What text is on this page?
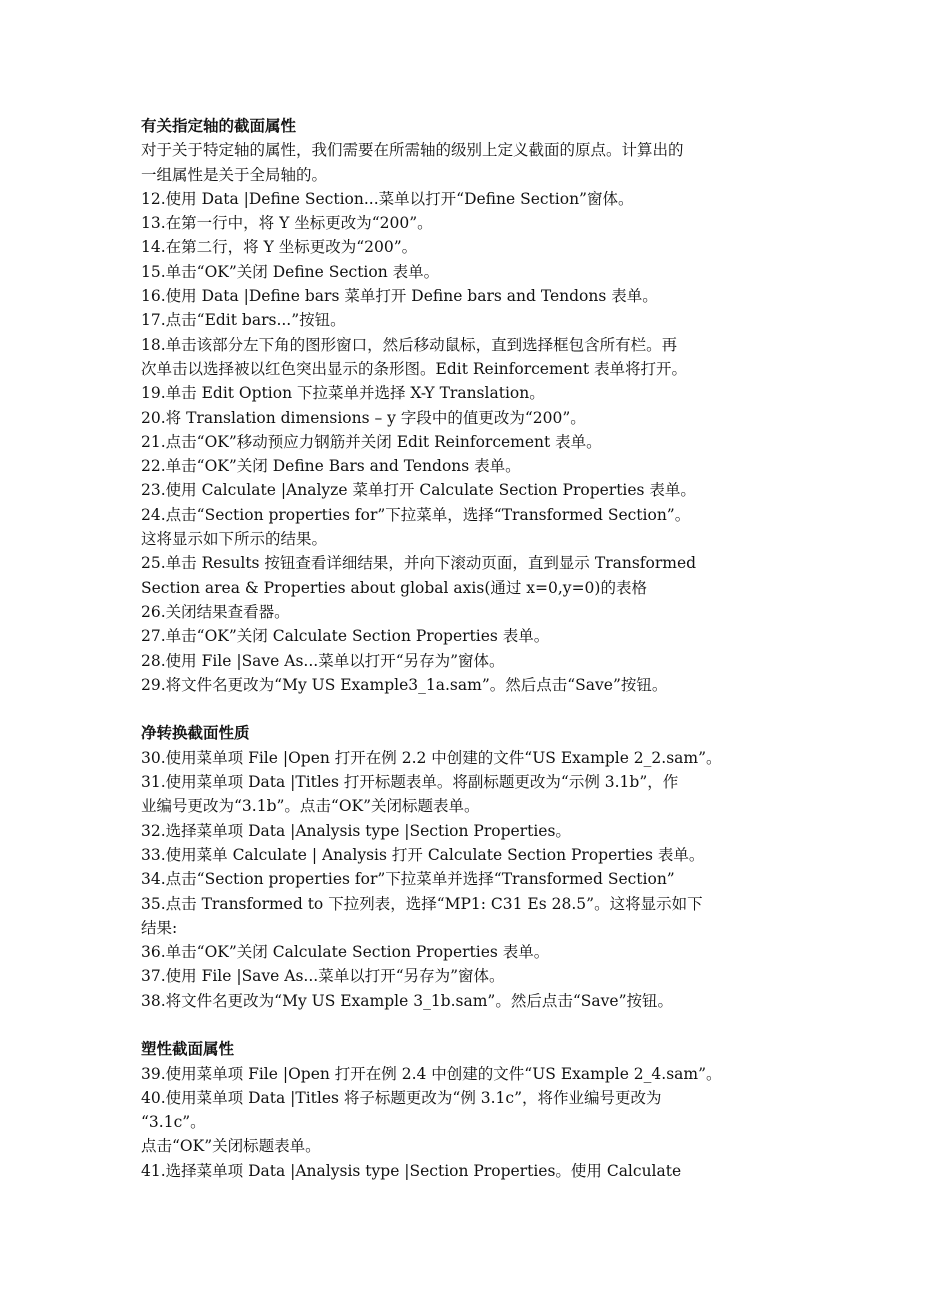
有关指定轴的截面属性

对于关于特定轴的属性，我们需要在所需轴的级别上定义截面的原点。计算出的

一组属性是关于全局轴的。

12.使用 Data |Define Section...菜单以打开“Define Section”窗体。

13.在第一行中，将 Y 坐标更改为“200”。

14.在第二行，将 Y 坐标更改为“200”。

15.单击“OK”关闭 Define Section 表单。

16.使用 Data |Define bars 菜单打开 Define bars and Tendons 表单。

17.点击“Edit bars...”按钮。

18.单击该部分左下角的图形窗口，然后移动鼠标，直到选择框包含所有栏。再

次单击以选择被以红色突出显示的条形图。Edit Reinforcement 表单将打开。

19.单击 Edit Option 下拉菜单并选择 X-Y Translation。

20.将 Translation dimensions – y 字段中的值更改为“200”。

21.点击“OK”移动预应力钢筋并关闭 Edit Reinforcement 表单。

22.单击“OK”关闭 Define Bars and Tendons 表单。

23.使用 Calculate |Analyze 菜单打开 Calculate Section Properties 表单。

24.点击“Section properties for”下拉菜单，选择“Transformed Section”。

这将显示如下所示的结果。

25.单击 Results 按钮查看详细结果，并向下滚动页面，直到显示 Transformed

Section area & Properties about global axis(通过 x=0,y=0)的表格

26.关闭结果查看器。

27.单击“OK”关闭 Calculate Section Properties 表单。

28.使用 File |Save As...菜单以打开“另存为”窗体。

29.将文件名更改为“My US Example3_1a.sam”。然后点击“Save”按钮。

净转换截面性质

30.使用菜单项 File |Open 打开在例 2.2 中创建的文件“US Example 2_2.sam”。

31.使用菜单项 Data |Titles 打开标题表单。将副标题更改为“示例 3.1b”，作

业编号更改为“3.1b”。点击“OK”关闭标题表单。

32.选择菜单项 Data |Analysis type |Section Properties。

33.使用菜单 Calculate | Analysis 打开 Calculate Section Properties 表单。

34.点击“Section properties for”下拉菜单并选择“Transformed Section”

35.点击 Transformed to 下拉列表，选择“MP1: C31 Es 28.5”。这将显示如下

结果:

36.单击“OK”关闭 Calculate Section Properties 表单。

37.使用 File |Save As...菜单以打开“另存为”窗体。

38.将文件名更改为“My US Example 3_1b.sam”。然后点击“Save”按钮。

塑性截面属性

39.使用菜单项 File |Open 打开在例 2.4 中创建的文件“US Example 2_4.sam”。

40.使用菜单项 Data |Titles 将子标题更改为“例 3.1c”，将作业编号更改为

“3.1c”。

点击“OK”关闭标题表单。

41.选择菜单项 Data |Analysis type |Section Properties。使用 Calculate
